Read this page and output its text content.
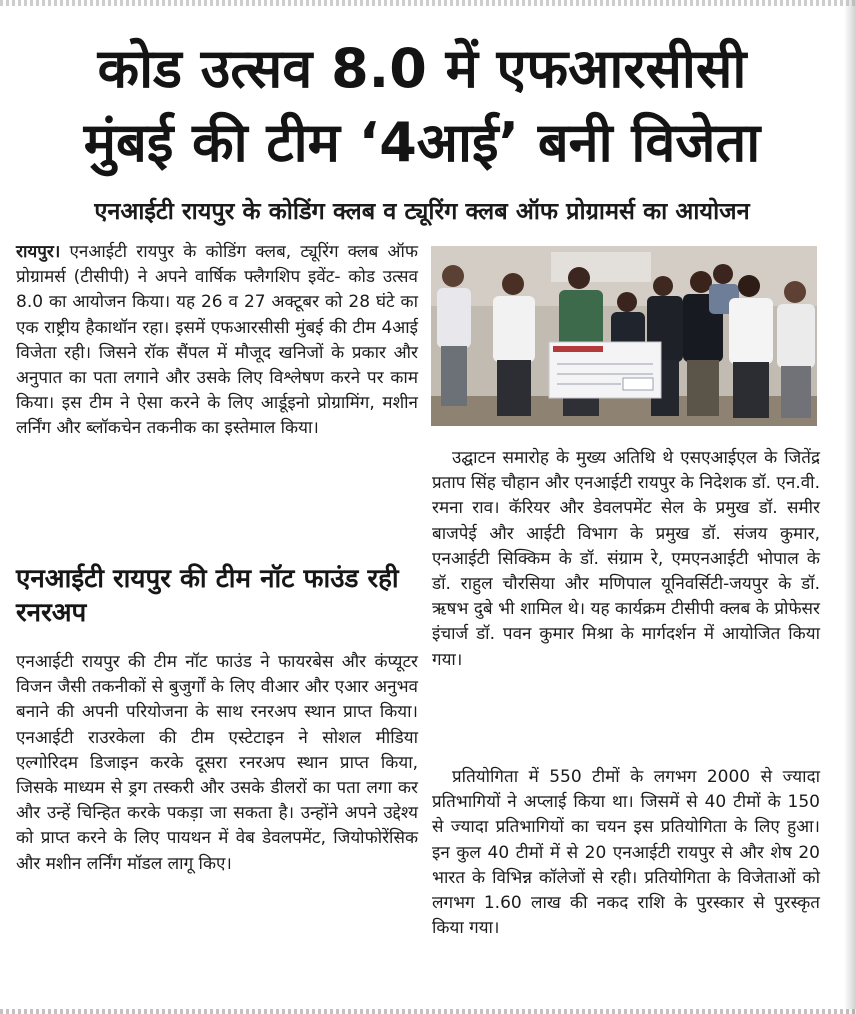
कोड उत्सव 8.0 में एफआरसीसी
मुंबई की टीम ‘4आई’ बनी विजेता
एनआईटी रायपुर के कोडिंग क्लब व ट्यूरिंग क्लब ऑफ प्रोग्रामर्स का आयोजन

रायपुर। एनआईटी रायपुर के कोडिंग क्लब, ट्यूरिंग क्लब ऑफ प्रोग्रामर्स (टीसीपी) ने अपने वार्षिक फ्लैगशिप इवेंट- कोड उत्सव 8.0 का आयोजन किया। यह 26 व 27 अक्टूबर को 28 घंटे का एक राष्ट्रीय हैकाथॉन रहा। इसमें एफआरसीसी मुंबई की टीम 4आई विजेता रही। जिसने रॉक सैंपल में मौजूद खनिजों के प्रकार और अनुपात का पता लगाने और उसके लिए विश्लेषण करने पर काम किया। इस टीम ने ऐसा करने के लिए आर्डूइनो प्रोग्रामिंग, मशीन लर्निंग और ब्लॉकचेन तकनीक का इस्तेमाल किया।

एनआईटी रायपुर की टीम नॉट फाउंड रही रनरअप

एनआईटी रायपुर की टीम नॉट फाउंड ने फायरबेस और कंप्यूटर विजन जैसी तकनीकों से बुजुर्गों के लिए वीआर और एआर अनुभव बनाने की अपनी परियोजना के साथ रनरअप स्थान प्राप्त किया। एनआईटी राउरकेला की टीम एस्टेटाइन ने सोशल मीडिया एल्गोरिदम डिजाइन करके दूसरा रनरअप स्थान प्राप्त किया, जिसके माध्यम से ड्रग तस्करी और उसके डीलरों का पता लगा कर और उन्हें चिन्हित करके पकड़ा जा सकता है। उन्होंने अपने उद्देश्य को प्राप्त करने के लिए पायथन में वेब डेवलपमेंट, जियोफोरेंसिक और मशीन लर्निंग मॉडल लागू किए।

उद्घाटन समारोह के मुख्य अतिथि थे एसएआईएल के जितेंद्र प्रताप सिंह चौहान और एनआईटी रायपुर के निदेशक डॉ. एन.वी. रमना राव। कॅरियर और डेवलपमेंट सेल के प्रमुख डॉ. समीर बाजपेई और आईटी विभाग के प्रमुख डॉ. संजय कुमार, एनआईटी सिक्किम के डॉ. संग्राम रे, एमएनआईटी भोपाल के डॉ. राहुल चौरसिया और मणिपाल यूनिवर्सिटी-जयपुर के डॉ. ऋषभ दुबे भी शामिल थे। यह कार्यक्रम टीसीपी क्लब के प्रोफेसर इंचार्ज डॉ. पवन कुमार मिश्रा के मार्गदर्शन में आयोजित किया गया।

प्रतियोगिता में 550 टीमों के लगभग 2000 से ज्यादा प्रतिभागियों ने अप्लाई किया था। जिसमें से 40 टीमों के 150 से ज्यादा प्रतिभागियों का चयन इस प्रतियोगिता के लिए हुआ। इन कुल 40 टीमों में से 20 एनआईटी रायपुर से और शेष 20 भारत के विभिन्न कॉलेजों से रही। प्रतियोगिता के विजेताओं को लगभग 1.60 लाख की नकद राशि के पुरस्कार से पुरस्कृत किया गया।
